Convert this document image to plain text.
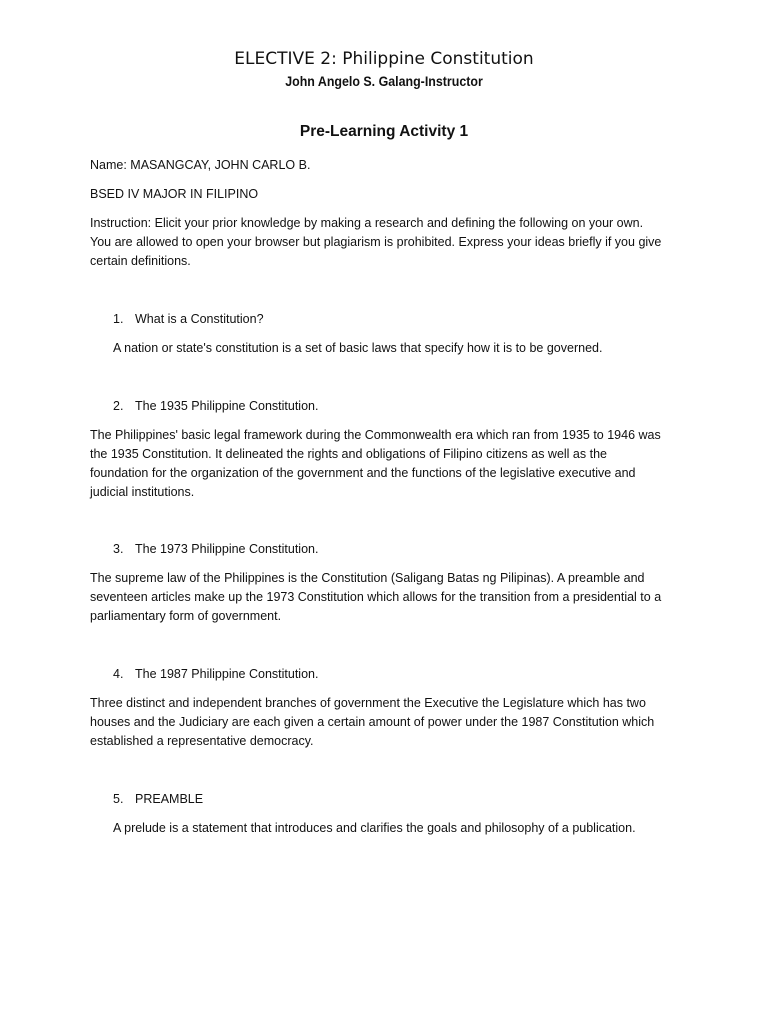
ELECTIVE 2: Philippine Constitution
John Angelo S. Galang-Instructor
Pre-Learning Activity 1
Name: MASANGCAY, JOHN CARLO B.
BSED IV MAJOR IN FILIPINO
Instruction: Elicit your prior knowledge by making a research and defining the following on your own.
You are allowed to open your browser but plagiarism is prohibited. Express your ideas briefly if you give
certain definitions.
1. What is a Constitution?
A nation or state's constitution is a set of basic laws that specify how it is to be governed.
2. The 1935 Philippine Constitution.
The Philippines' basic legal framework during the Commonwealth era which ran from 1935 to 1946 was
the 1935 Constitution. It delineated the rights and obligations of Filipino citizens as well as the
foundation for the organization of the government and the functions of the legislative executive and
judicial institutions.
3. The 1973 Philippine Constitution.
The supreme law of the Philippines is the Constitution (Saligang Batas ng Pilipinas). A preamble and
seventeen articles make up the 1973 Constitution which allows for the transition from a presidential to a
parliamentary form of government.
4. The 1987 Philippine Constitution.
Three distinct and independent branches of government the Executive the Legislature which has two
houses and the Judiciary are each given a certain amount of power under the 1987 Constitution which
established a representative democracy.
5. PREAMBLE
A prelude is a statement that introduces and clarifies the goals and philosophy of a publication.
